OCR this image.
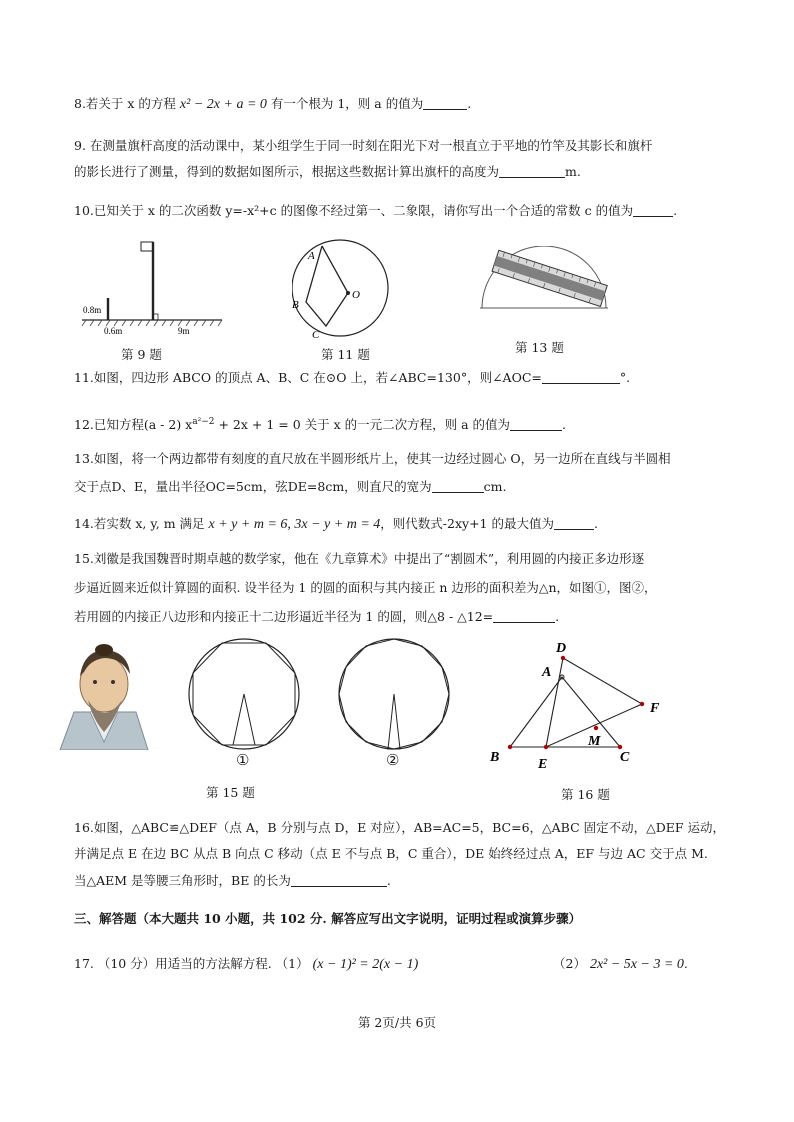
8.若关于 x 的方程 x² − 2x + a = 0 有一个根为 1，则 a 的值为	.
9. 在测量旗杆高度的活动课中，某小组学生于同一时刻在阳光下对一根直立于平地的竹竿及其影长和旗杆
的影长进行了测量，得到的数据如图所示，根据这些数据计算出旗杆的高度为	m.
10.已知关于 x 的二次函数 y=-x²+c 的图像不经过第一、二象限，请你写出一个合适的常数 c 的值为	.
0.8m
0.6m	9m
第 9 题
A
B
C
O
第 11 题	第 13 题
11.如图，四边形 ABCO 的顶点 A、B、C 在⊙O 上，若∠ABC=130°，则∠AOC=	°.
12.已知方程(a - 2) $x^{a^2-2} + 2x + 1 = 0$ 关于 x 的一元二次方程，则 a 的值为	.
13.如图，将一个两边都带有刻度的直尺放在半圆形纸片上，使其一边经过圆心 O，另一边所在直线与半圆相
交于点D、E，量出半径OC=5cm，弦DE=8cm，则直尺的宽为	cm.
14.若实数 x, y, m 满足 x + y + m = 6, 3x − y + m = 4，则代数式-2xy+1 的最大值为	.
15.刘徽是我国魏晋时期卓越的数学家，他在《九章算术》中提出了“割圆术”，利用圆的内接正多边形逐
步逼近圆来近似计算圆的面积. 设半径为 1 的圆的面积与其内接正 n 边形的面积差为△n，如图①，图②，
若用圆的内接正八边形和内接正十二边形逼近半径为 1 的圆，则△8 - △12=	.
①	②
第 15 题
D
A
F
M
B	E	C
第 16 题
16.如图，△ABC≌△DEF（点 A，B 分别与点 D，E 对应），AB=AC=5，BC=6，△ABC 固定不动，△DEF 运动，
并满足点 E 在边 BC 从点 B 向点 C 移动（点 E 不与点 B，C 重合），DE 始终经过点 A，EF 与边 AC 交于点 M.
当△AEM 是等腰三角形时，BE 的长为	.
三、解答题（本大题共 10 小题，共 102 分. 解答应写出文字说明，证明过程或演算步骤）
17. （10 分）用适当的方法解方程. （1） (x − 1)² = 2(x − 1)	（2） 2x² − 5x − 3 = 0.
第 2页/共 6页
